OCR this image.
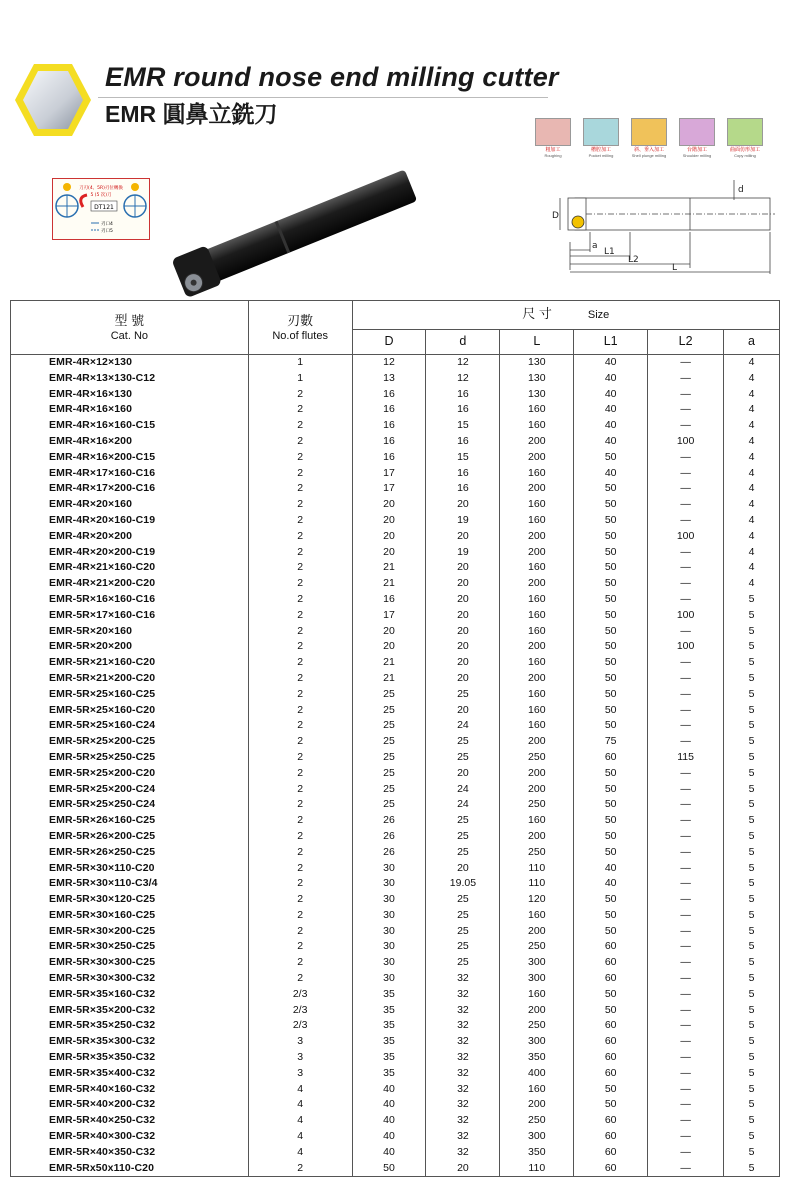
EMR round nose end milling cutter
EMR 圓鼻立銑刀
粗加工
Roughing
槽腔加工
Pocket milling
斜、垂入加工
Shell plunge milling
台階加工
Shoulder milling
曲面仿形加工
Copy milling
DT121
刀刃(4、5R)刃位轉換
5 (5 次)刀
刃口4
刃口5
d
D
a
L1
L2
L
型 號
Cat. No	刃數
No.of flutes	尺 寸 Size					
		D	d	L	L1	L2	a
EMR-4R×12×130	1	12	12	130	40	—	4
EMR-4R×13×130-C12	1	13	12	130	40	—	4
EMR-4R×16×130	2	16	16	130	40	—	4
EMR-4R×16×160	2	16	16	160	40	—	4
EMR-4R×16×160-C15	2	16	15	160	40	—	4
EMR-4R×16×200	2	16	16	200	40	100	4
EMR-4R×16×200-C15	2	16	15	200	50	—	4
EMR-4R×17×160-C16	2	17	16	160	40	—	4
EMR-4R×17×200-C16	2	17	16	200	50	—	4
EMR-4R×20×160	2	20	20	160	50	—	4
EMR-4R×20×160-C19	2	20	19	160	50	—	4
EMR-4R×20×200	2	20	20	200	50	100	4
EMR-4R×20×200-C19	2	20	19	200	50	—	4
EMR-4R×21×160-C20	2	21	20	160	50	—	4
EMR-4R×21×200-C20	2	21	20	200	50	—	4
EMR-5R×16×160-C16	2	16	20	160	50	—	5
EMR-5R×17×160-C16	2	17	20	160	50	100	5
EMR-5R×20×160	2	20	20	160	50	—	5
EMR-5R×20×200	2	20	20	200	50	100	5
EMR-5R×21×160-C20	2	21	20	160	50	—	5
EMR-5R×21×200-C20	2	21	20	200	50	—	5
EMR-5R×25×160-C25	2	25	25	160	50	—	5
EMR-5R×25×160-C20	2	25	20	160	50	—	5
EMR-5R×25×160-C24	2	25	24	160	50	—	5
EMR-5R×25×200-C25	2	25	25	200	75	—	5
EMR-5R×25×250-C25	2	25	25	250	60	115	5
EMR-5R×25×200-C20	2	25	20	200	50	—	5
EMR-5R×25×200-C24	2	25	24	200	50	—	5
EMR-5R×25×250-C24	2	25	24	250	50	—	5
EMR-5R×26×160-C25	2	26	25	160	50	—	5
EMR-5R×26×200-C25	2	26	25	200	50	—	5
EMR-5R×26×250-C25	2	26	25	250	50	—	5
EMR-5R×30×110-C20	2	30	20	110	40	—	5
EMR-5R×30×110-C3/4	2	30	19.05	110	40	—	5
EMR-5R×30×120-C25	2	30	25	120	50	—	5
EMR-5R×30×160-C25	2	30	25	160	50	—	5
EMR-5R×30×200-C25	2	30	25	200	50	—	5
EMR-5R×30×250-C25	2	30	25	250	60	—	5
EMR-5R×30×300-C25	2	30	25	300	60	—	5
EMR-5R×30×300-C32	2	30	32	300	60	—	5
EMR-5R×35×160-C32	2/3	35	32	160	50	—	5
EMR-5R×35×200-C32	2/3	35	32	200	50	—	5
EMR-5R×35×250-C32	2/3	35	32	250	60	—	5
EMR-5R×35×300-C32	3	35	32	300	60	—	5
EMR-5R×35×350-C32	3	35	32	350	60	—	5
EMR-5R×35×400-C32	3	35	32	400	60	—	5
EMR-5R×40×160-C32	4	40	32	160	50	—	5
EMR-5R×40×200-C32	4	40	32	200	50	—	5
EMR-5R×40×250-C32	4	40	32	250	60	—	5
EMR-5R×40×300-C32	4	40	32	300	60	—	5
EMR-5R×40×350-C32	4	40	32	350	60	—	5
EMR-5Rx50x110-C20	2	50	20	110	60	—	5
